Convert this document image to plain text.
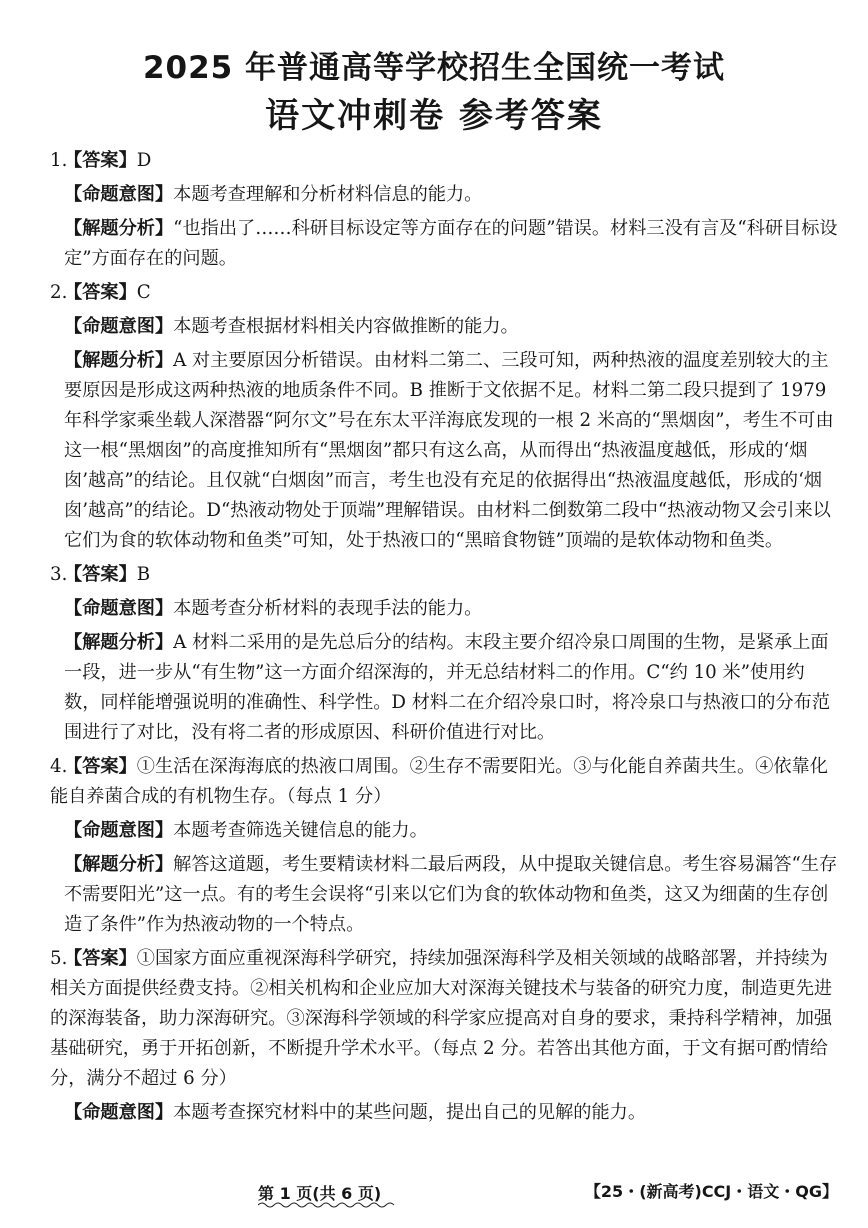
2025 年普通高等学校招生全国统一考试
语文冲刺卷 参考答案
1.【答案】D
【命题意图】本题考查理解和分析材料信息的能力。
【解题分析】“也指出了……科研目标设定等方面存在的问题”错误。材料三没有言及“科研目标设定”方面存在的问题。
2.【答案】C
【命题意图】本题考查根据材料相关内容做推断的能力。
【解题分析】A 对主要原因分析错误。由材料二第二、三段可知，两种热液的温度差别较大的主要原因是形成这两种热液的地质条件不同。B 推断于文依据不足。材料二第二段只提到了 1979 年科学家乘坐载人深潜器“阿尔文”号在东太平洋海底发现的一根 2 米高的“黑烟囱”，考生不可由这一根“黑烟囱”的高度推知所有“黑烟囱”都只有这么高，从而得出“热液温度越低，形成的‘烟囱’越高”的结论。且仅就“白烟囱”而言，考生也没有充足的依据得出“热液温度越低，形成的‘烟囱’越高”的结论。D“热液动物处于顶端”理解错误。由材料二倒数第二段中“热液动物又会引来以它们为食的软体动物和鱼类”可知，处于热液口的“黑暗食物链”顶端的是软体动物和鱼类。
3.【答案】B
【命题意图】本题考查分析材料的表现手法的能力。
【解题分析】A 材料二采用的是先总后分的结构。末段主要介绍冷泉口周围的生物，是紧承上面一段，进一步从“有生物”这一方面介绍深海的，并无总结材料二的作用。C“约 10 米”使用约数，同样能增强说明的准确性、科学性。D 材料二在介绍冷泉口时，将冷泉口与热液口的分布范围进行了对比，没有将二者的形成原因、科研价值进行对比。
4.【答案】①生活在深海海底的热液口周围。②生存不需要阳光。③与化能自养菌共生。④依靠化能自养菌合成的有机物生存。（每点 1 分）
【命题意图】本题考查筛选关键信息的能力。
【解题分析】解答这道题，考生要精读材料二最后两段，从中提取关键信息。考生容易漏答“生存不需要阳光”这一点。有的考生会误将“引来以它们为食的软体动物和鱼类，这又为细菌的生存创造了条件”作为热液动物的一个特点。
5.【答案】①国家方面应重视深海科学研究，持续加强深海科学及相关领域的战略部署，并持续为相关方面提供经费支持。②相关机构和企业应加大对深海关键技术与装备的研究力度，制造更先进的深海装备，助力深海研究。③深海科学领域的科学家应提高对自身的要求，秉持科学精神，加强基础研究，勇于开拓创新，不断提升学术水平。（每点 2 分。若答出其他方面，于文有据可酌情给分，满分不超过 6 分）
【命题意图】本题考查探究材料中的某些问题，提出自己的见解的能力。
第 1 页(共 6 页)	【25・(新高考)CCJ・语文・QG】
